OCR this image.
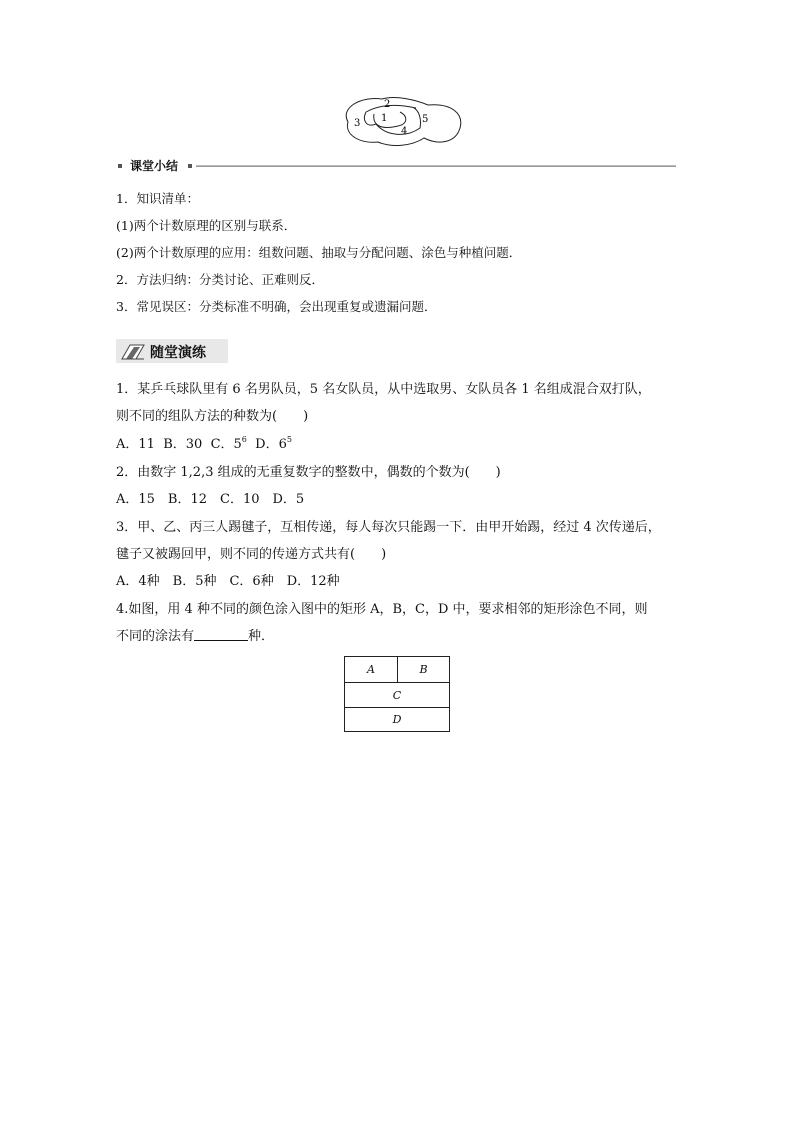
2
1	5
3
4
课堂小结
1．知识清单：
(1)两个计数原理的区别与联系．
(2)两个计数原理的应用：组数问题、抽取与分配问题、涂色与种植问题．
2．方法归纳：分类讨论、正难则反．
3．常见误区：分类标准不明确，会出现重复或遗漏问题．
随堂演练
1．某乒乓球队里有 6 名男队员，5 名女队员，从中选取男、女队员各 1 名组成混合双打队，
则不同的组队方法的种数为(　　)
A．11 B．30 C．$5^6$ D．$6^5$
2．由数字 1,2,3 组成的无重复数字的整数中，偶数的个数为(　　)
A．15　B．12　C．10　D．5
3．甲、乙、丙三人踢毽子，互相传递，每人每次只能踢一下．由甲开始踢，经过 4 次传递后，
毽子又被踢回甲，则不同的传递方式共有(　　)
A．4种　B．5种　C．6种　D．12种
4.如图，用 4 种不同的颜色涂入图中的矩形 A，B，C，D 中，要求相邻的矩形涂色不同，则
不同的涂法有	种．
A	B
C
D
